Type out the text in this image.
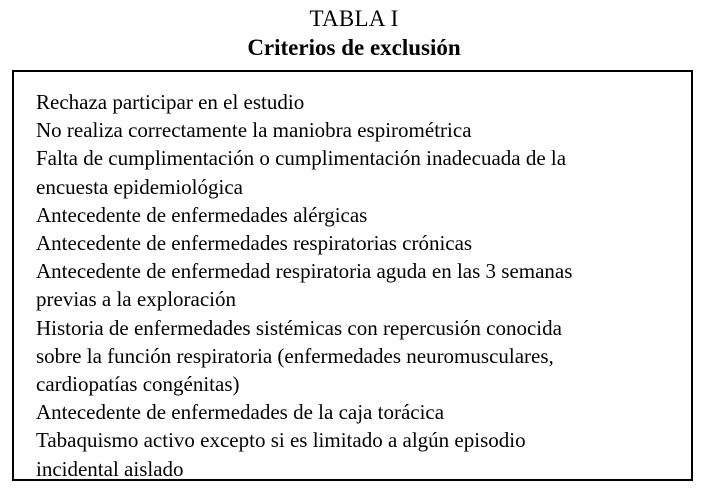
TABLA I
Criterios de exclusión
Rechaza participar en el estudio
No realiza correctamente la maniobra espirométrica
Falta de cumplimentación o cumplimentación inadecuada de la
encuesta epidemiológica
Antecedente de enfermedades alérgicas
Antecedente de enfermedades respiratorias crónicas
Antecedente de enfermedad respiratoria aguda en las 3 semanas
previas a la exploración
Historia de enfermedades sistémicas con repercusión conocida
sobre la función respiratoria (enfermedades neuromusculares,
cardiopatías congénitas)
Antecedente de enfermedades de la caja torácica
Tabaquismo activo excepto si es limitado a algún episodio
incidental aislado
